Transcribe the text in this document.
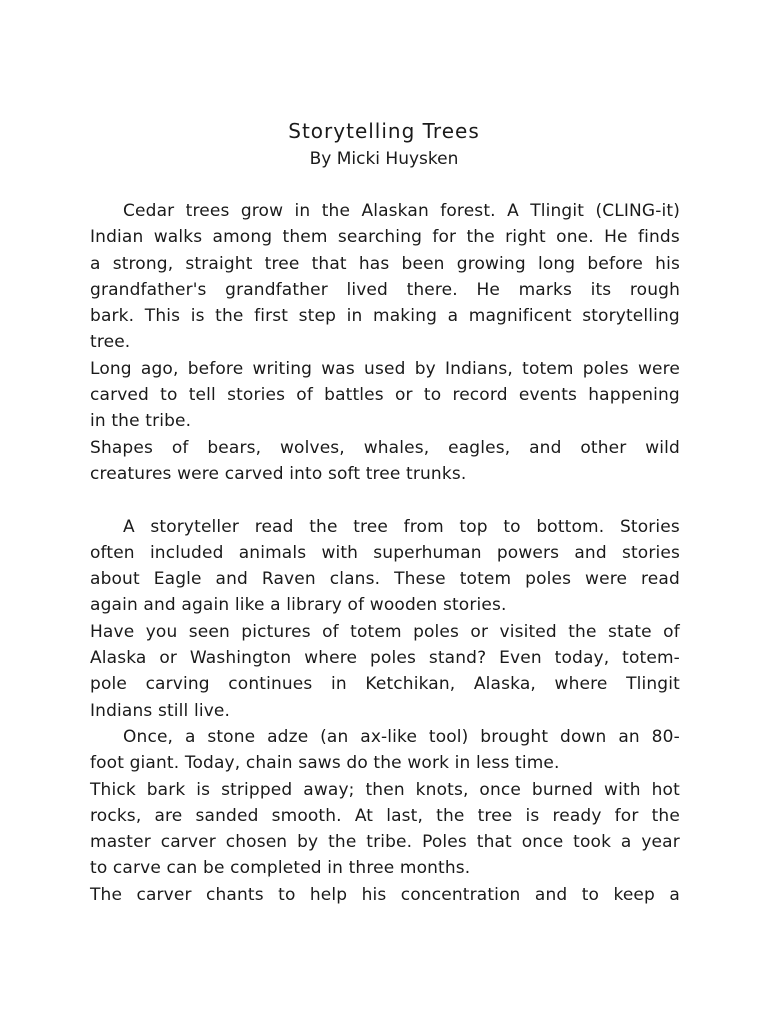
Storytelling Trees

By Micki Huysken

Cedar trees grow in the Alaskan forest. A Tlingit (CLING-it)
Indian walks among them searching for the right one. He finds
a strong, straight tree that has been growing long before his
grandfather's grandfather lived there. He marks its rough
bark. This is the first step in making a magnificent storytelling
tree.
Long ago, before writing was used by Indians, totem poles were
carved to tell stories of battles or to record events happening
in the tribe.
Shapes of bears, wolves, whales, eagles, and other wild
creatures were carved into soft tree trunks.
A storyteller read the tree from top to bottom. Stories
often included animals with superhuman powers and stories
about Eagle and Raven clans. These totem poles were read
again and again like a library of wooden stories.
Have you seen pictures of totem poles or visited the state of
Alaska or Washington where poles stand? Even today, totem-
pole carving continues in Ketchikan, Alaska, where Tlingit
Indians still live.
Once, a stone adze (an ax-like tool) brought down an 80-
foot giant. Today, chain saws do the work in less time.
Thick bark is stripped away; then knots, once burned with hot
rocks, are sanded smooth. At last, the tree is ready for the
master carver chosen by the tribe. Poles that once took a year
to carve can be completed in three months.
The carver chants to help his concentration and to keep a
